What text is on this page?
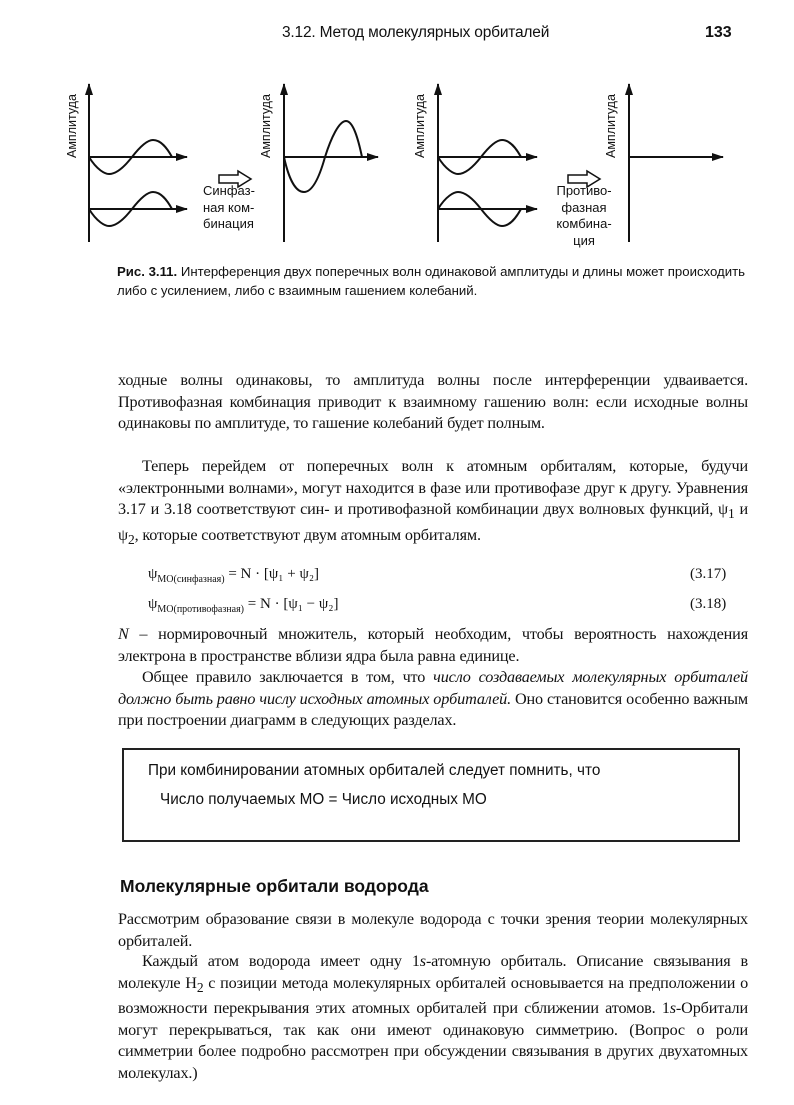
3.12. Метод молекулярных орбиталей	133
Амплитуда	Амплитуда	Амплитуда	Амплитуда
Синфаз-
ная ком-
бинация
Противо-
фазная
комбина-
ция
Рис. 3.11. Интерференция двух поперечных волн одинаковой амплитуды и длины может происходить либо с усилением, либо с взаимным гашением колебаний.

ходные волны одинаковы, то амплитуда волны после интерференции удваивается. Противофазная комбинация приводит к взаимному гашению волн: если исходные волны одинаковы по амплитуде, то гашение колебаний будет полным.

Теперь перейдем от поперечных волн к атомным орбиталям, которые, будучи «электронными волнами», могут находится в фазе или противофазе друг к другу. Уравнения 3.17 и 3.18 соответствуют син- и противофазной комбинации двух волновых функций, $\psi_1$ и $\psi_2$, которые соответствуют двум атомным орбиталям.

$\psi_{MO(синфазная)} = N \cdot [\psi_1 + \psi_2]$	(3.17)
$\psi_{MO(противофазная)} = N \cdot [\psi_1 - \psi_2]$	(3.18)

N – нормировочный множитель, который необходим, чтобы вероятность нахождения электрона в пространстве вблизи ядра была равна единице.

Общее правило заключается в том, что число создаваемых молекулярных орбиталей должно быть равно числу исходных атомных орбиталей. Оно становится особенно важным при построении диаграмм в следующих разделах.

При комбинировании атомных орбиталей следует помнить, что
Число получаемых МО = Число исходных МО
Молекулярные орбитали водорода

Рассмотрим образование связи в молекуле водорода с точки зрения теории молекулярных орбиталей.

Каждый атом водорода имеет одну 1s-атомную орбиталь. Описание связывания в молекуле $H_2$ с позиции метода молекулярных орбиталей основывается на предположении о возможности перекрывания этих атомных орбиталей при сближении атомов. 1s-Орбитали могут перекрываться, так как они имеют одинаковую симметрию. (Вопрос о роли симметрии более подробно рассмотрен при обсуждении связывания в других двухатомных молекулах.)
